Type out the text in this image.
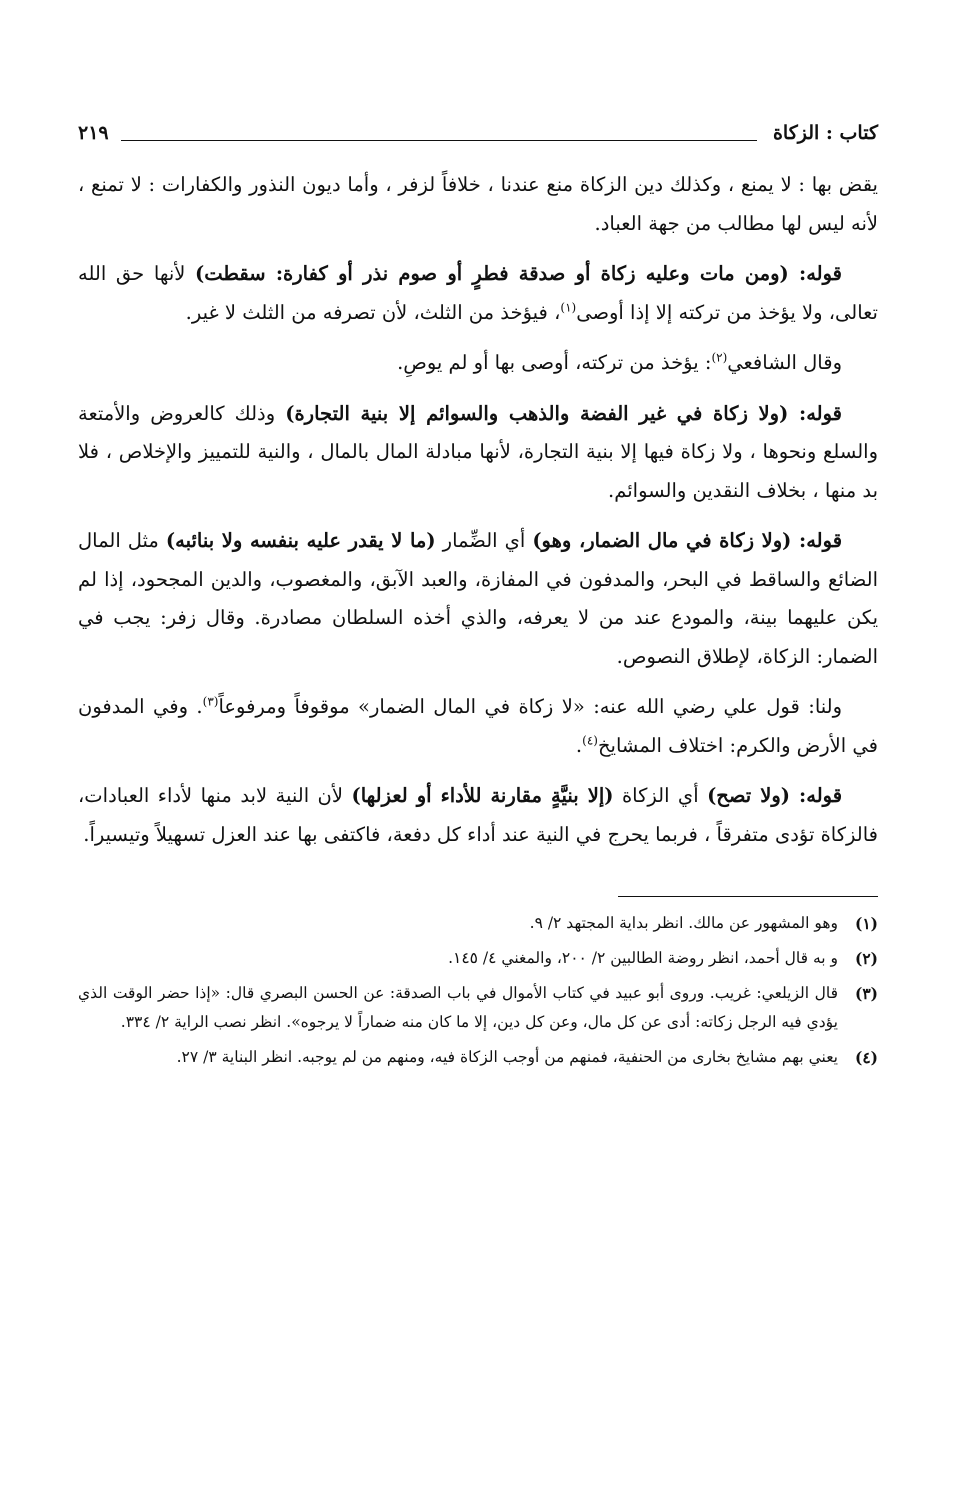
كتاب : الزكاة
٢١٩

يقض بها : لا يمنع ، وكذلك دين الزكاة منع عندنا ، خلافاً لزفر ، وأما ديون النذور والكفارات : لا تمنع ، لأنه ليس لها مطالب من جهة العباد.

قوله: (ومن مات وعليه زكاة أو صدقة فطرٍ أو صوم نذر أو كفارة: سقطت) لأنها حق الله تعالى، ولا يؤخذ من تركته إلا إذا أوصى$^{(١)}$، فيؤخذ من الثلث، لأن تصرفه من الثلث لا غير.

وقال الشافعي$^{(٢)}$: يؤخذ من تركته، أوصى بها أو لم يوصِ.

قوله: (ولا زكاة في غير الفضة والذهب والسوائم إلا بنية التجارة) وذلك كالعروض والأمتعة والسلع ونحوها ، ولا زكاة فيها إلا بنية التجارة، لأنها مبادلة المال بالمال ، والنية للتمييز والإخلاص ، فلا بد منها ، بخلاف النقدين والسوائم.

قوله: (ولا زكاة في مال الضمار، وهو) أي الضِّمار (ما لا يقدر عليه بنفسه ولا بنائبه) مثل المال الضائع والساقط في البحر، والمدفون في المفازة، والعبد الآبق، والمغصوب، والدين المجحود، إذا لم يكن عليهما بينة، والمودع عند من لا يعرفه، والذي أخذه السلطان مصادرة. وقال زفر: يجب في الضمار: الزكاة، لإطلاق النصوص.

ولنا: قول علي رضي الله عنه: «لا زكاة في المال الضمار» موقوفاً ومرفوعاً$^{(٣)}$. وفي المدفون في الأرض والكرم: اختلاف المشايخ$^{(٤)}$.

قوله: (ولا تصح) أي الزكاة (إلا بنيَّةٍ مقارنة للأداء أو لعزلها) لأن النية لابد منها لأداء العبادات، فالزكاة تؤدى متفرقاً ، فربما يحرج في النية عند أداء كل دفعة، فاكتفى بها عند العزل تسهيلاً وتيسيراً.

(١)
وهو المشهور عن مالك. انظر بداية المجتهد ٢/ ٩.
(٢)
و به قال أحمد، انظر روضة الطالبين ٢/ ٢٠٠، والمغني ٤/ ١٤٥.
(٣)
قال الزيلعي: غريب. وروى أبو عبيد في كتاب الأموال في باب الصدقة: عن الحسن البصري قال: «إذا حضر الوقت الذي يؤدي فيه الرجل زكاته: أدى عن كل مال، وعن كل دين، إلا ما كان منه ضماراً لا يرجوه». انظر نصب الراية ٢/ ٣٣٤.
(٤)
يعني بهم مشايخ بخارى من الحنفية، فمنهم من أوجب الزكاة فيه، ومنهم من لم يوجبه. انظر البناية ٣/ ٢٧.
